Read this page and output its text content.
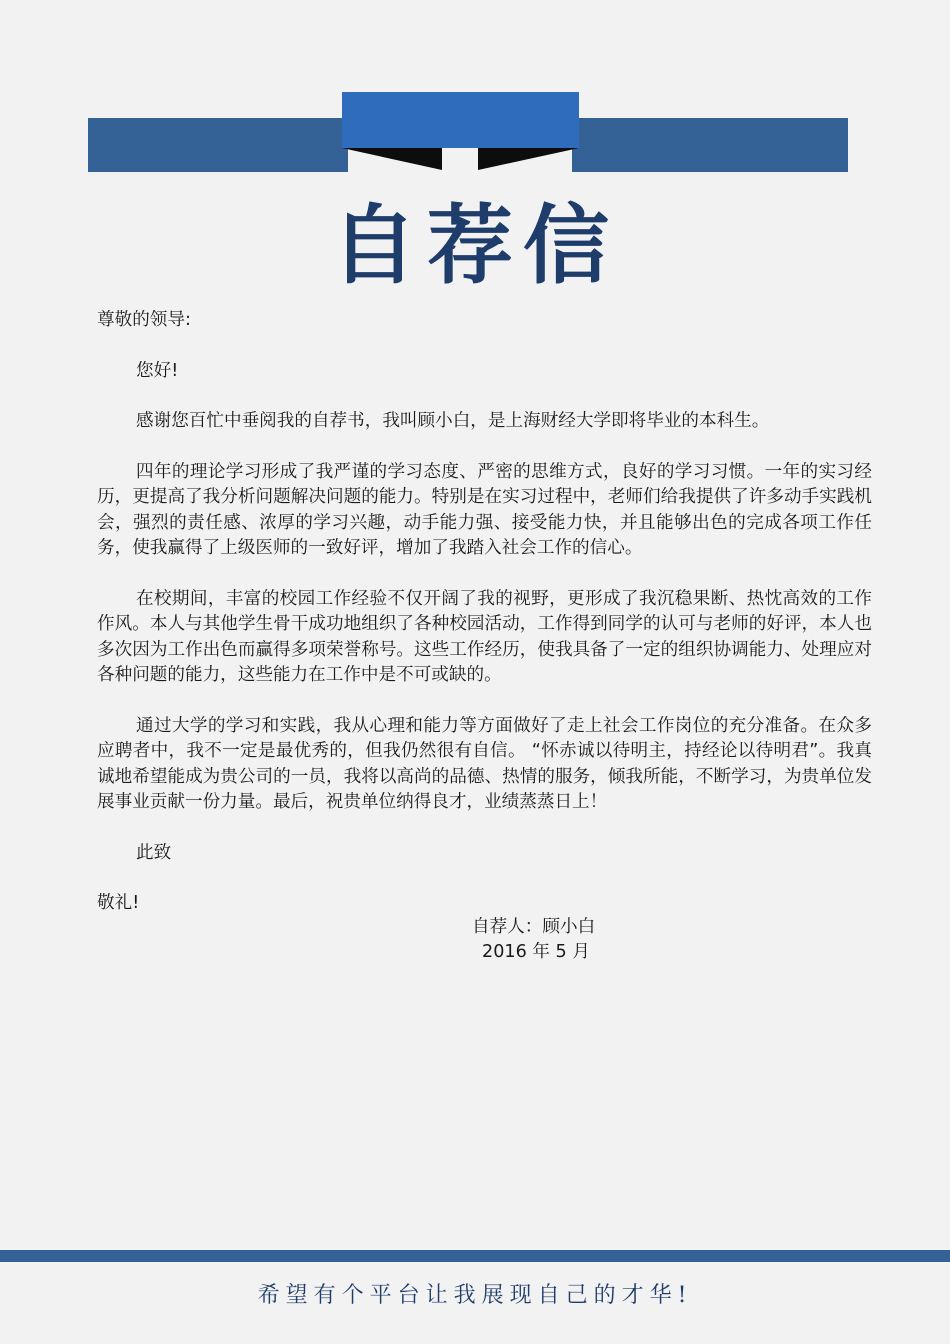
自荐信

尊敬的领导:

您好!

感谢您百忙中垂阅我的自荐书，我叫顾小白，是上海财经大学即将毕业的本科生。

四年的理论学习形成了我严谨的学习态度、严密的思维方式，良好的学习习惯。一年的实习经历，更提高了我分析问题解决问题的能力。特别是在实习过程中，老师们给我提供了许多动手实践机会，强烈的责任感、浓厚的学习兴趣，动手能力强、接受能力快，并且能够出色的完成各项工作任务，使我赢得了上级医师的一致好评，增加了我踏入社会工作的信心。

在校期间，丰富的校园工作经验不仅开阔了我的视野，更形成了我沉稳果断、热忱高效的工作作风。本人与其他学生骨干成功地组织了各种校园活动，工作得到同学的认可与老师的好评，本人也多次因为工作出色而赢得多项荣誉称号。这些工作经历，使我具备了一定的组织协调能力、处理应对各种问题的能力，这些能力在工作中是不可或缺的。

通过大学的学习和实践，我从心理和能力等方面做好了走上社会工作岗位的充分准备。在众多应聘者中，我不一定是最优秀的，但我仍然很有自信。 “怀赤诚以待明主，持经论以待明君”。我真诚地希望能成为贵公司的一员，我将以高尚的品德、热情的服务，倾我所能，不断学习，为贵单位发展事业贡献一份力量。最后，祝贵单位纳得良才，业绩蒸蒸日上！

此致

敬礼!

自荐人：顾小白
2016 年 5 月
希望有个平台让我展现自己的才华!
